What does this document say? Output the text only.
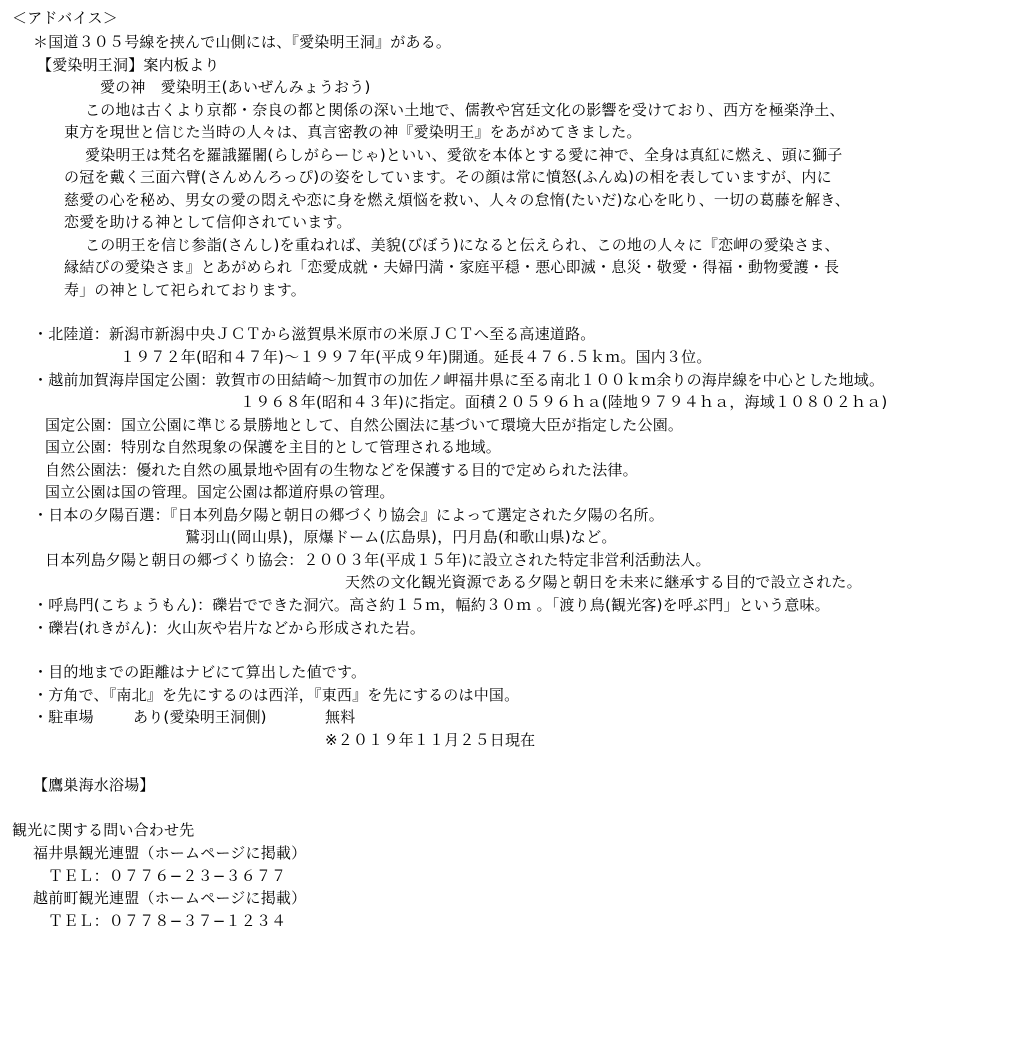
＜アドバイス＞
＊国道３０５号線を挟んで山側には、『愛染明王洞』がある。
【愛染明王洞】案内板より
愛の神　愛染明王(あいぜんみょうおう)
この地は古くより京都・奈良の都と関係の深い土地で、儒教や宮廷文化の影響を受けており、西方を極楽浄土、
東方を現世と信じた当時の人々は、真言密教の神『愛染明王』をあがめてきました。
愛染明王は梵名を羅誐羅闍(らしがらーじゃ)といい、愛欲を本体とする愛に神で、全身は真紅に燃え、頭に獅子
の冠を戴く三面六臂(さんめんろっぴ)の姿をしています。その顔は常に憤怒(ふんぬ)の相を表していますが、内に
慈愛の心を秘め、男女の愛の悶えや恋に身を燃え煩悩を救い、人々の怠惰(たいだ)な心を叱り、一切の葛藤を解き、
恋愛を助ける神として信仰されています。
この明王を信じ参詣(さんし)を重ねれば、美貌(びぼう)になると伝えられ、この地の人々に『恋岬の愛染さま、
縁結びの愛染さま』とあがめられ「恋愛成就・夫婦円満・家庭平穏・悪心即滅・息災・敬愛・得福・動物愛護・長
寿」の神として祀られております。
・北陸道：新潟市新潟中央ＪＣＴから滋賀県米原市の米原ＪＣＴへ至る高速道路。
１９７２年(昭和４７年)〜１９９７年(平成９年)開通。延長４７６.５ｋｍ。国内３位。
・越前加賀海岸国定公園：敦賀市の田結崎〜加賀市の加佐ノ岬福井県に至る南北１００ｋｍ余りの海岸線を中心とした地域。
１９６８年(昭和４３年)に指定。面積２０５９６ｈａ(陸地９７９４ｈａ，海域１０８０２ｈａ)
国定公園：国立公園に準じる景勝地として、自然公園法に基づいて環境大臣が指定した公園。
国立公園：特別な自然現象の保護を主目的として管理される地域。
自然公園法：優れた自然の風景地や固有の生物などを保護する目的で定められた法律。
国立公園は国の管理。国定公園は都道府県の管理。
・日本の夕陽百選：『日本列島夕陽と朝日の郷づくり協会』によって選定された夕陽の名所。
鷲羽山(岡山県)，原爆ドーム(広島県)，円月島(和歌山県)など。
日本列島夕陽と朝日の郷づくり協会：２００３年(平成１５年)に設立された特定非営利活動法人。
天然の文化観光資源である夕陽と朝日を未来に継承する目的で設立された。
・呼鳥門(こちょうもん)：礫岩でできた洞穴。高さ約１５ｍ，幅約３０ｍ 。「渡り鳥(観光客)を呼ぶ門」という意味。
・礫岩(れきがん)：火山灰や岩片などから形成された岩。
・目的地までの距離はナビにて算出した値です。
・方角で、『南北』を先にするのは西洋，『東西』を先にするのは中国。
・駐車場	あり(愛染明王洞側)	無料
※２０１９年１１月２５日現在
【鷹巣海水浴場】
観光に関する問い合わせ先
福井県観光連盟（ホームページに掲載）
ＴＥＬ：０７７６−２３−３６７７
越前町観光連盟（ホームページに掲載）
ＴＥＬ：０７７８−３７−１２３４
